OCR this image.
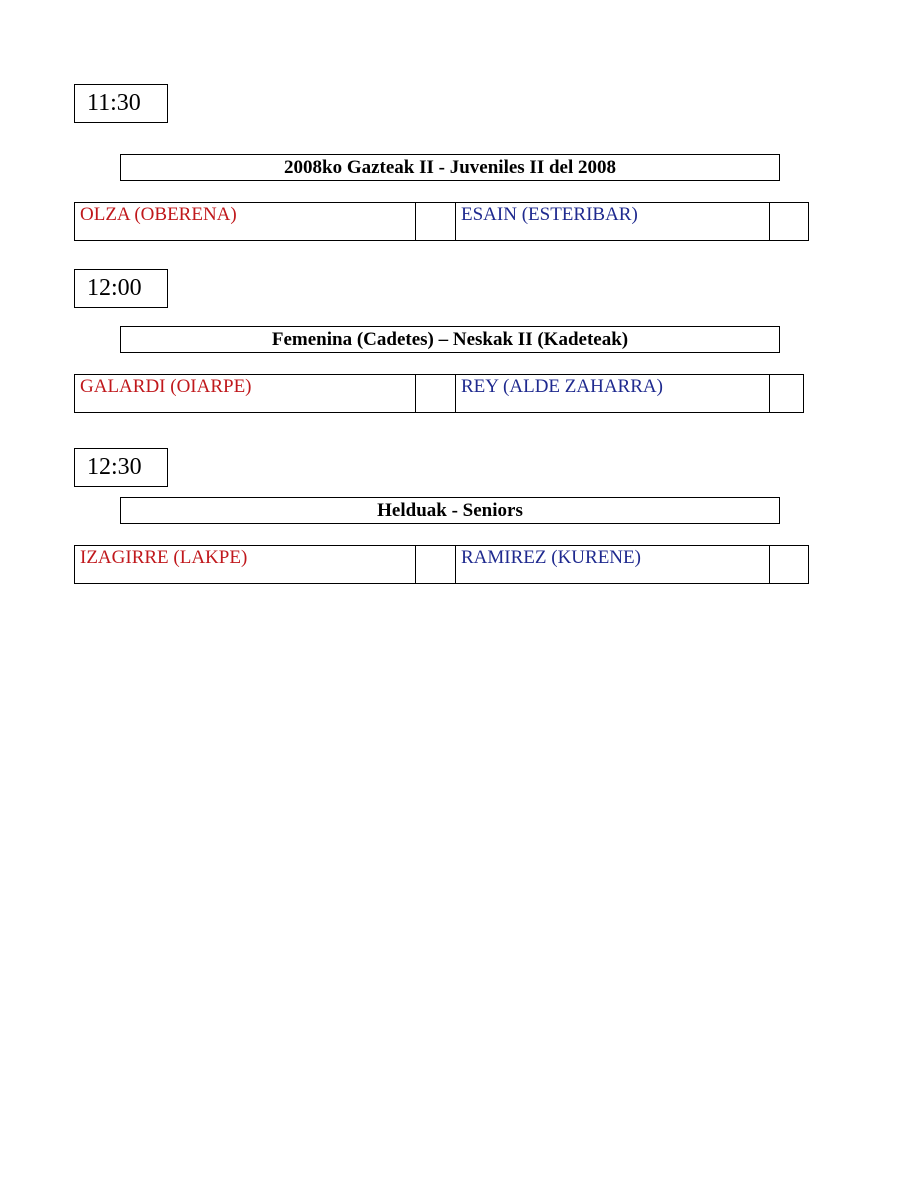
11:30
2008ko Gazteak II - Juveniles II del 2008
OLZA (OBERENA)	ESAIN (ESTERIBAR)
12:00
Femenina (Cadetes) – Neskak II (Kadeteak)
GALARDI (OIARPE)	REY (ALDE ZAHARRA)
12:30
Helduak - Seniors
IZAGIRRE (LAKPE)	RAMIREZ (KURENE)
